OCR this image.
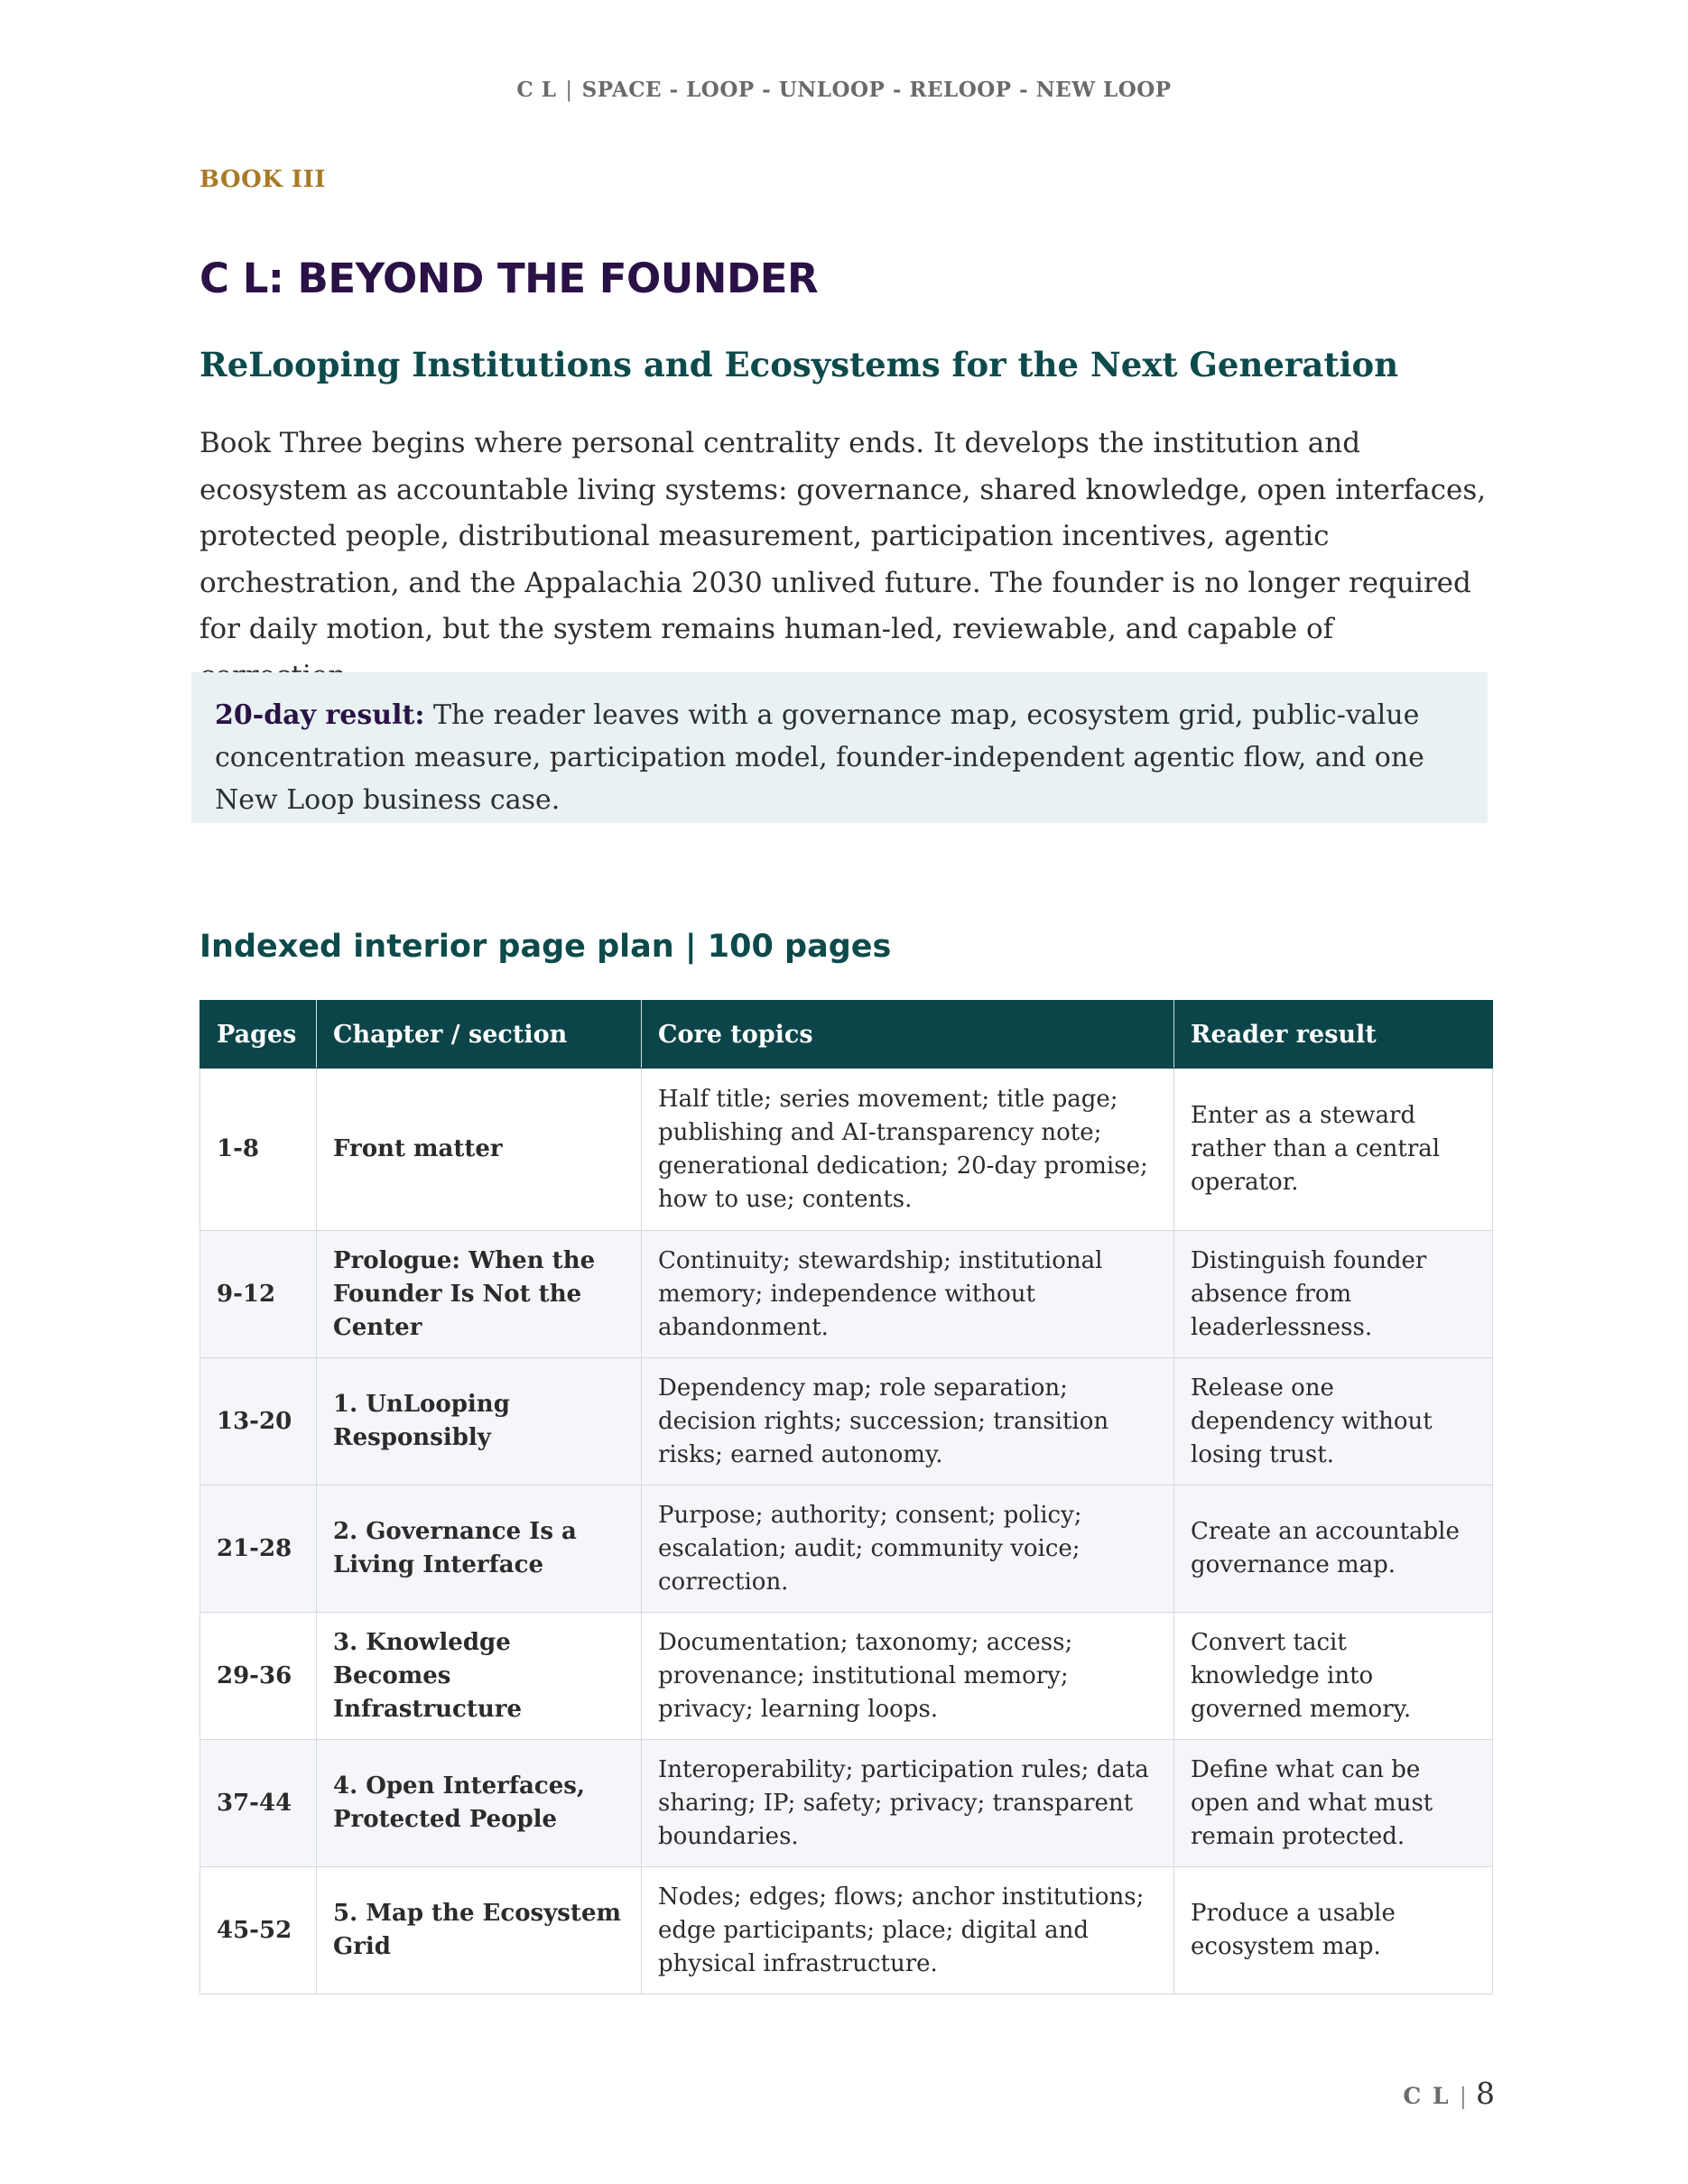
C L | SPACE - LOOP - UNLOOP - RELOOP - NEW LOOP
BOOK III
C L: BEYOND THE FOUNDER
ReLooping Institutions and Ecosystems for the Next Generation

Book Three begins where personal centrality ends. It develops the institution and ecosystem as accountable living systems: governance, shared knowledge, open interfaces, protected people, distributional measurement, participation incentives, agentic orchestration, and the Appalachia 2030 unlived future. The founder is no longer required for daily motion, but the system remains human-led, reviewable, and capable of

20-day result: The reader leaves with a governance map, ecosystem grid, public-value concentration measure, participation model, founder-independent agentic flow, and one New Loop business case.
Indexed interior page plan | 100 pages
Pages	Chapter / section	Core topics	Reader result
1-8	Front matter	Half title; series movement; title page; publishing and AI-transparency note; generational dedication; 20-day promise; how to use; contents.	Enter as a steward rather than a central operator.
9-12	Prologue: When the Founder Is Not the Center	Continuity; stewardship; institutional memory; independence without abandonment.	Distinguish founder absence from leaderlessness.
13-20	1. UnLooping Responsibly	Dependency map; role separation; decision rights; succession; transition risks; earned autonomy.	Release one dependency without losing trust.
21-28	2. Governance Is a Living Interface	Purpose; authority; consent; policy; escalation; audit; community voice; correction.	Create an accountable governance map.
29-36	3. Knowledge Becomes Infrastructure	Documentation; taxonomy; access; provenance; institutional memory; privacy; learning loops.	Convert tacit knowledge into governed memory.
37-44	4. Open Interfaces, Protected People	Interoperability; participation rules; data sharing; IP; safety; privacy; transparent boundaries.	Define what can be open and what must remain protected.
45-52	5. Map the Ecosystem Grid	Nodes; edges; flows; anchor institutions; edge participants; place; digital and physical infrastructure.	Produce a usable ecosystem map.
C L | 8
